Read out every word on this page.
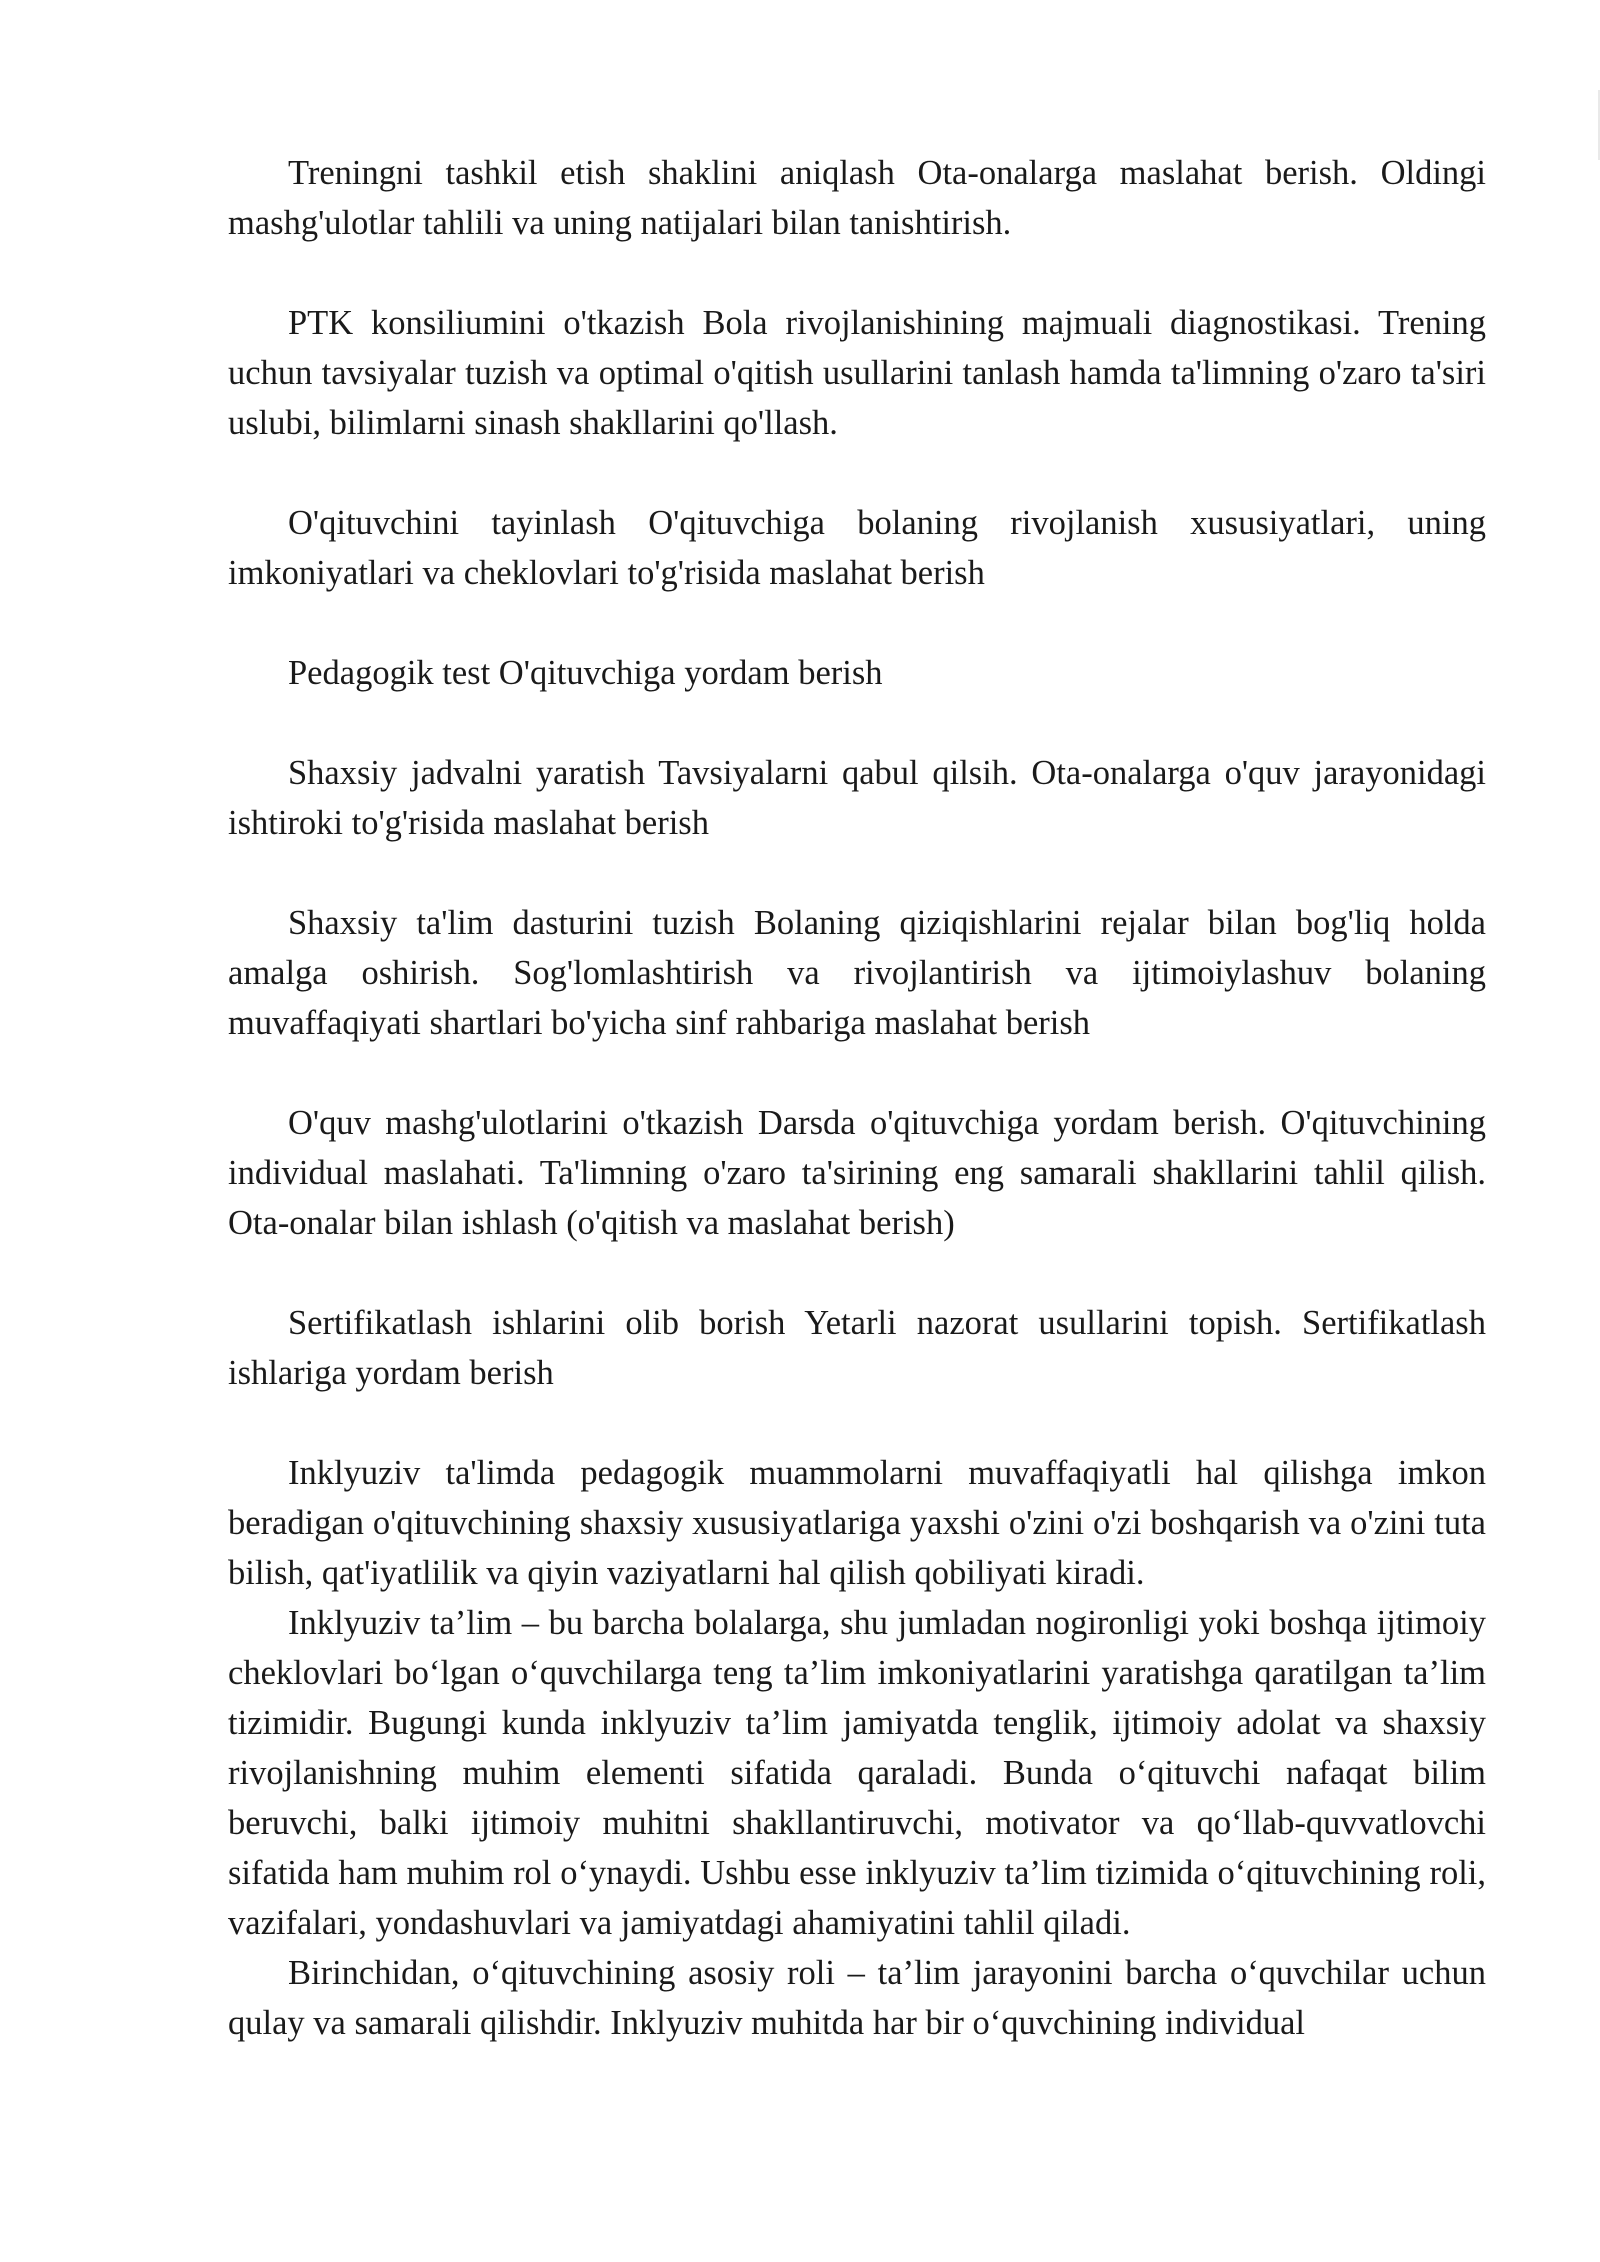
Treningni tashkil etish shaklini aniqlash Ota-onalarga maslahat berish. Oldingi mashg'ulotlar tahlili va uning natijalari bilan tanishtirish.

PTK konsiliumini o'tkazish Bola rivojlanishining majmuali diagnostikasi. Trening uchun tavsiyalar tuzish va optimal o'qitish usullarini tanlash hamda ta'limning o'zaro ta'siri uslubi, bilimlarni sinash shakllarini qo'llash.

O'qituvchini tayinlash O'qituvchiga bolaning rivojlanish xususiyatlari, uning imkoniyatlari va cheklovlari to'g'risida maslahat berish

Pedagogik test O'qituvchiga yordam berish

Shaxsiy jadvalni yaratish Tavsiyalarni qabul qilsih. Ota-onalarga o'quv jarayonidagi ishtiroki to'g'risida maslahat berish

Shaxsiy ta'lim dasturini tuzish Bolaning qiziqishlarini rejalar bilan bog'liq holda amalga oshirish. Sog'lomlashtirish va rivojlantirish va ijtimoiylashuv bolaning muvaffaqiyati shartlari bo'yicha sinf rahbariga maslahat berish

O'quv mashg'ulotlarini o'tkazish Darsda o'qituvchiga yordam berish. O'qituvchining individual maslahati. Ta'limning o'zaro ta'sirining eng samarali shakllarini tahlil qilish. Ota-onalar bilan ishlash (o'qitish va maslahat berish)

Sertifikatlash ishlarini olib borish Yetarli nazorat usullarini topish. Sertifikatlash ishlariga yordam berish

Inklyuziv ta'limda pedagogik muammolarni muvaffaqiyatli hal qilishga imkon beradigan o'qituvchining shaxsiy xususiyatlariga yaxshi o'zini o'zi boshqarish va o'zini tuta bilish, qat'iyatlilik va qiyin vaziyatlarni hal qilish qobiliyati kiradi.

Inklyuziv ta’lim – bu barcha bolalarga, shu jumladan nogironligi yoki boshqa ijtimoiy cheklovlari bo‘lgan o‘quvchilarga teng ta’lim imkoniyatlarini yaratishga qaratilgan ta’lim tizimidir. Bugungi kunda inklyuziv ta’lim jamiyatda tenglik, ijtimoiy adolat va shaxsiy rivojlanishning muhim elementi sifatida qaraladi. Bunda o‘qituvchi nafaqat bilim beruvchi, balki ijtimoiy muhitni shakllantiruvchi, motivator va qo‘llab-quvvatlovchi sifatida ham muhim rol o‘ynaydi. Ushbu esse inklyuziv ta’lim tizimida o‘qituvchining roli, vazifalari, yondashuvlari va jamiyatdagi ahamiyatini tahlil qiladi.

Birinchidan, o‘qituvchining asosiy roli – ta’lim jarayonini barcha o‘quvchilar uchun qulay va samarali qilishdir. Inklyuziv muhitda har bir o‘quvchining individual
